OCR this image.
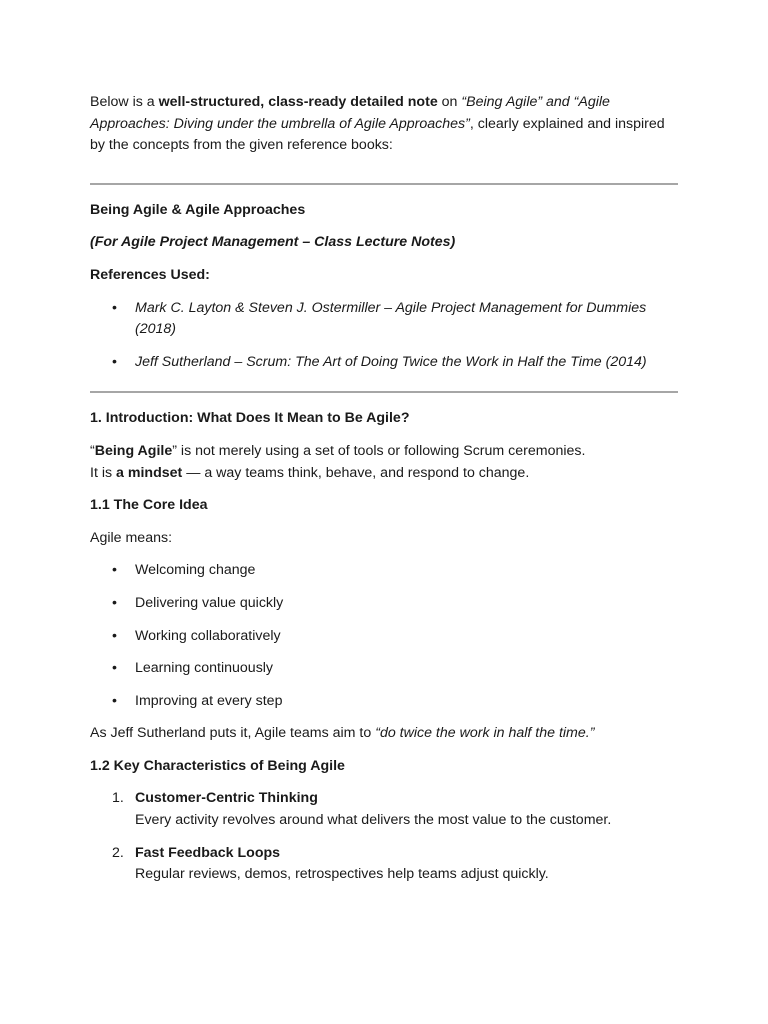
Below is a well-structured, class-ready detailed note on “Being Agile” and “Agile Approaches: Diving under the umbrella of Agile Approaches”, clearly explained and inspired by the concepts from the given reference books:

Being Agile & Agile Approaches

(For Agile Project Management – Class Lecture Notes)

References Used:

• Mark C. Layton & Steven J. Ostermiller – Agile Project Management for Dummies (2018)
• Jeff Sutherland – Scrum: The Art of Doing Twice the Work in Half the Time (2014)

1. Introduction: What Does It Mean to Be Agile?

“Being Agile” is not merely using a set of tools or following Scrum ceremonies.

It is a mindset — a way teams think, behave, and respond to change.

1.1 The Core Idea

Agile means:

• Welcoming change
• Delivering value quickly
• Working collaboratively
• Learning continuously
• Improving at every step

As Jeff Sutherland puts it, Agile teams aim to “do twice the work in half the time.”

1.2 Key Characteristics of Being Agile

1. Customer-Centric Thinking
Every activity revolves around what delivers the most value to the customer.
2. Fast Feedback Loops
Regular reviews, demos, retrospectives help teams adjust quickly.
